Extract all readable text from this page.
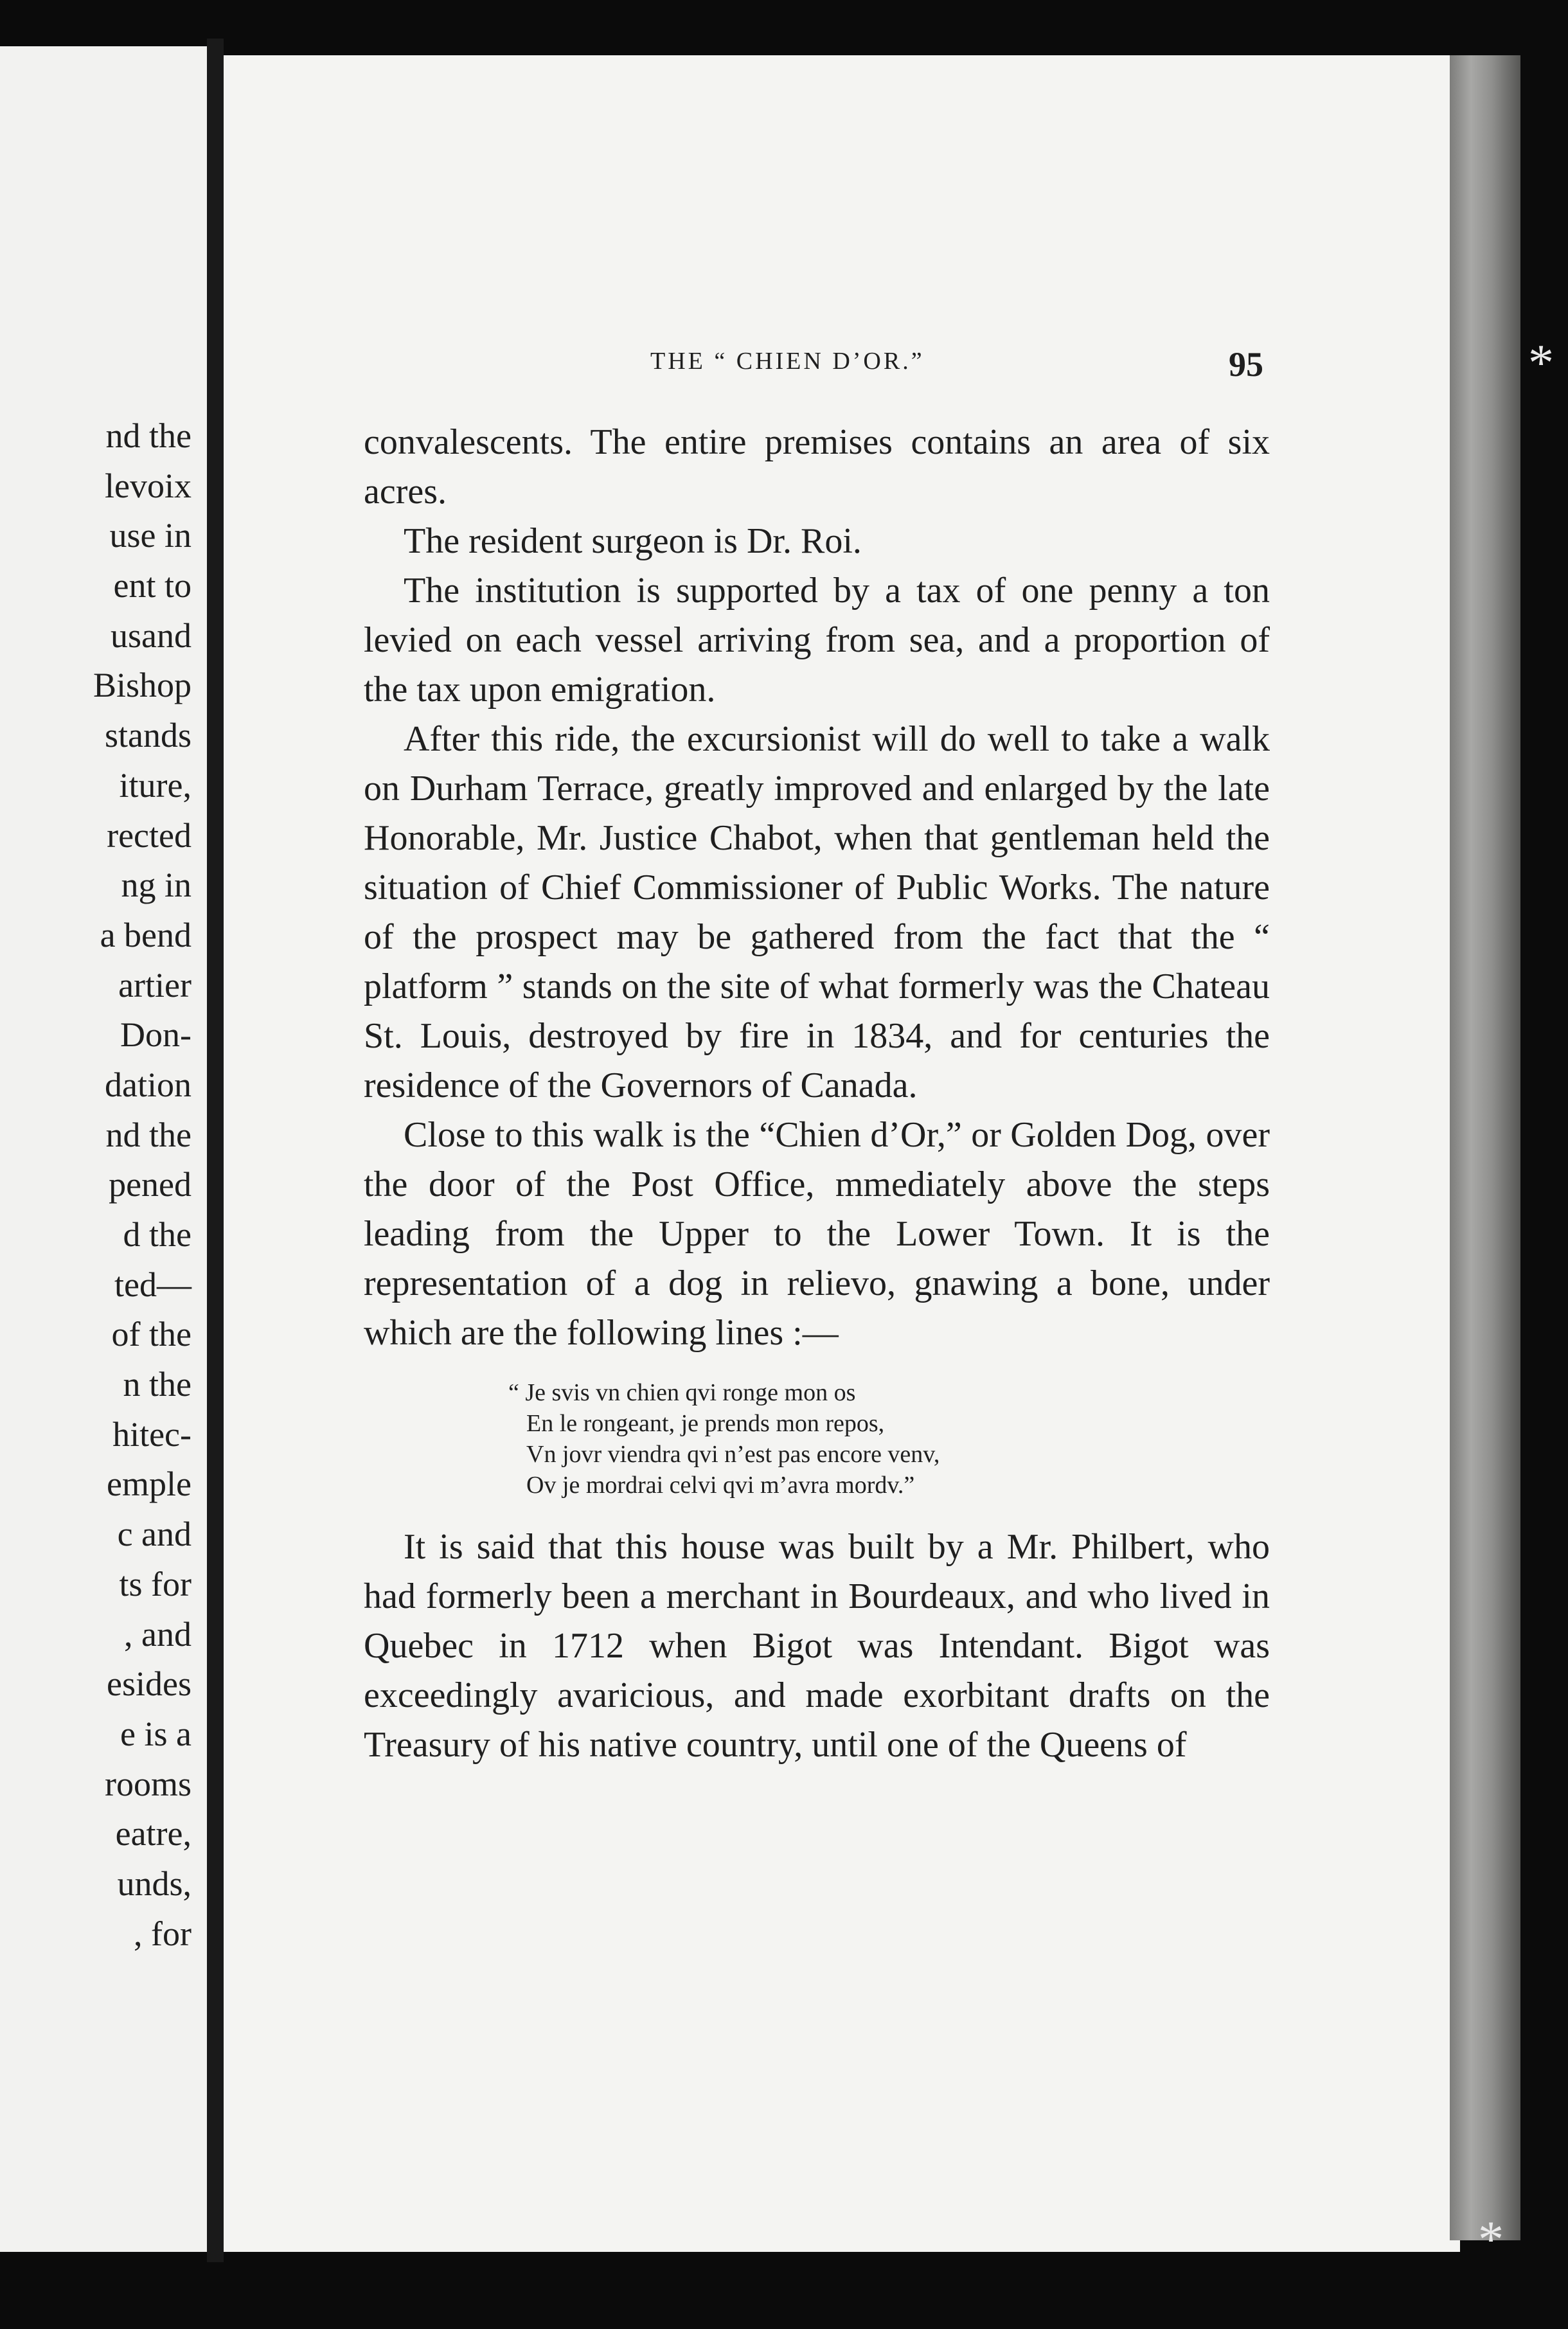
nd the
levoix
use in
ent to
usand
Bishop
stands
iture,
rected
ng in
a bend
artier
Don-
dation
nd the
pened
d the
ted—
of the
n the
hitec-
emple
c and
ts for
, and
esides
e is a
rooms
eatre,
unds,
, for
THE “ CHIEN D’OR.”	95

convalescents. The entire premises contains an area of six acres.

The resident surgeon is Dr. Roi.

The institution is supported by a tax of one penny a ton levied on each vessel arriving from sea, and a proportion of the tax upon emigration.

After this ride, the excursionist will do well to take a walk on Durham Terrace, greatly improved and enlarged by the late Honorable, Mr. Justice Chabot, when that gentleman held the situation of Chief Commissioner of Public Works. The nature of the prospect may be gathered from the fact that the “ platform ” stands on the site of what formerly was the Chateau St. Louis, destroyed by fire in 1834, and for centuries the residence of the Governors of Canada.

Close to this walk is the “Chien d’Or,” or Golden Dog, over the door of the Post Office, mmediately above the steps leading from the Upper to the Lower Town. It is the representation of a dog in relievo, gnawing a bone, under which are the following lines :—

“ Je svis vn chien qvi ronge mon os
En le rongeant, je prends mon repos,
Vn jovr viendra qvi n’est pas encore venv,
Ov je mordrai celvi qvi m’avra mordv.”

It is said that this house was built by a Mr. Philbert, who had formerly been a merchant in Bourdeaux, and who lived in Quebec in 1712 when Bigot was Intendant. Bigot was exceedingly avaricious, and made exorbitant drafts on the Treasury of his native country, until one of the Queens of

*
*
